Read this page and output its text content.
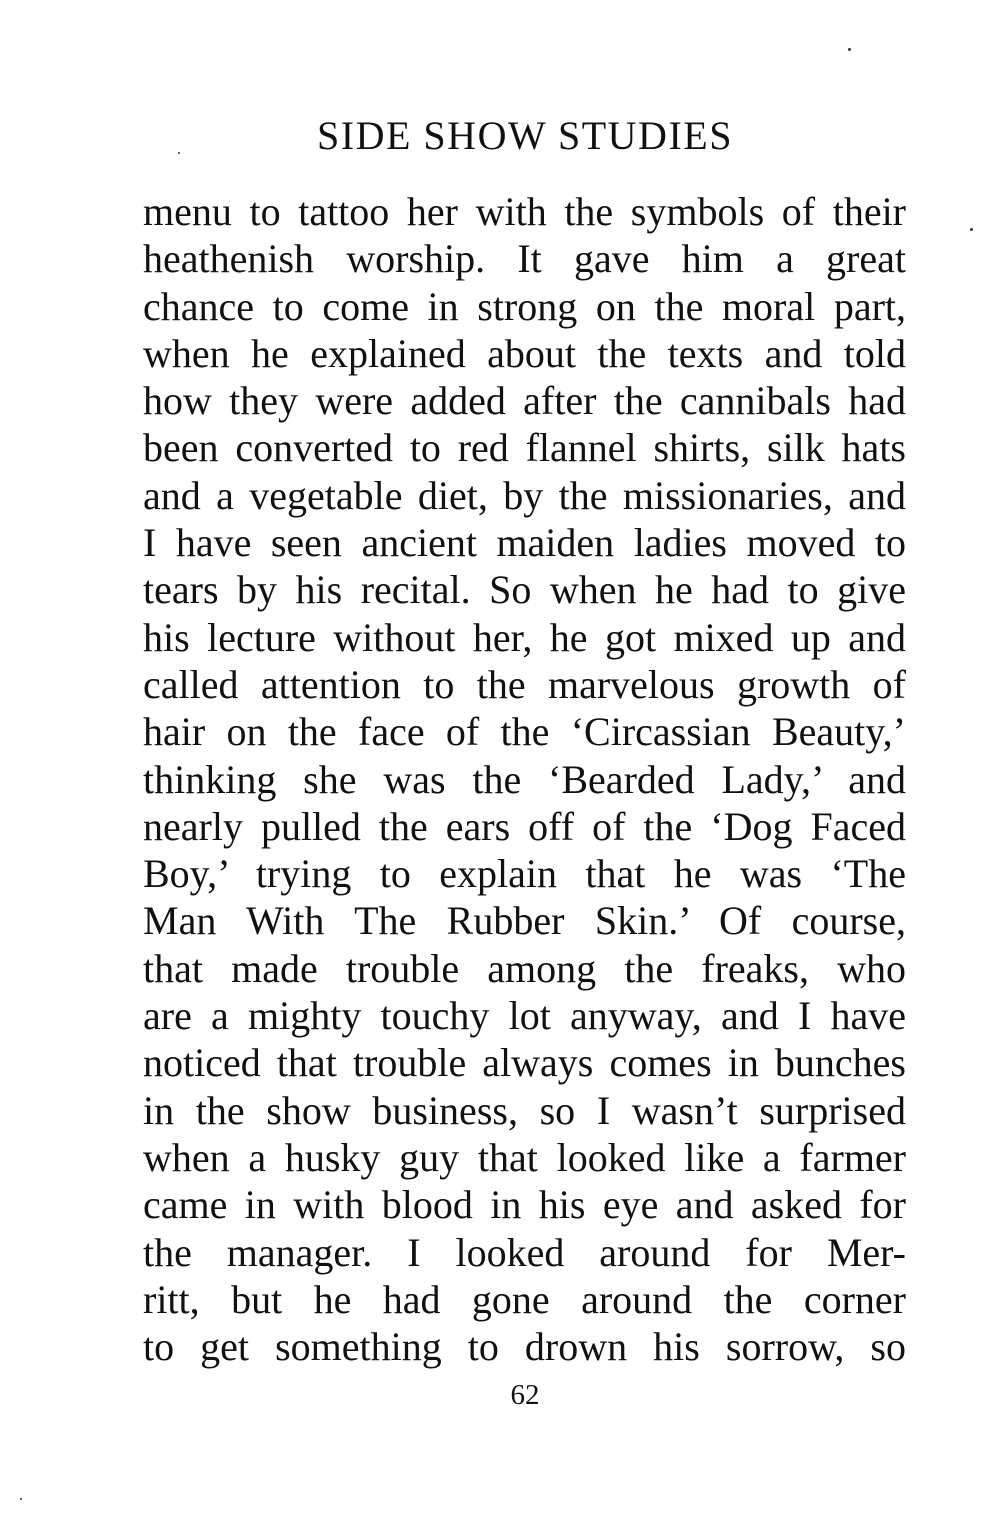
SIDE SHOW STUDIES
menu to tattoo her with the symbols of their
heathenish worship. It gave him a great
chance to come in strong on the moral part,
when he explained about the texts and told
how they were added after the cannibals had
been converted to red flannel shirts, silk hats
and a vegetable diet, by the missionaries, and
I have seen ancient maiden ladies moved to
tears by his recital. So when he had to give
his lecture without her, he got mixed up and
called attention to the marvelous growth of
hair on the face of the ‘Circassian Beauty,’
thinking she was the ‘Bearded Lady,’ and
nearly pulled the ears off of the ‘Dog Faced
Boy,’ trying to explain that he was ‘The
Man With The Rubber Skin.’ Of course,
that made trouble among the freaks, who
are a mighty touchy lot anyway, and I have
noticed that trouble always comes in bunches
in the show business, so I wasn’t surprised
when a husky guy that looked like a farmer
came in with blood in his eye and asked for
the manager. I looked around for Mer-
ritt, but he had gone around the corner
to get something to drown his sorrow, so
62
